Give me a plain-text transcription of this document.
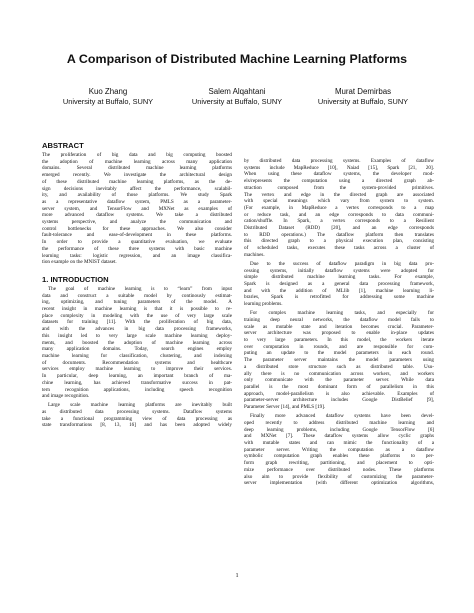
A Comparison of Distributed Machine Learning Platforms
Kuo Zhang
University at Buffalo, SUNY
Salem Alqahtani
University at Buffalo, SUNY
Murat Demirbas
University at Buffalo, SUNY
ABSTRACT
The proliferation of big data and big computing boosted
the adoption of machine learning across many application
domains. Several distributed machine learning platforms
emerged recently. We investigate the architectural design
of these distributed machine learning platforms, as the de-
sign decisions inevitably affect the performance, scalabil-
ity, and availability of those platforms. We study Spark
as a representative dataflow system, PMLS as a parameter-
server system, and TensorFlow and MXNet as examples of
more advanced dataflow systems. We take a distributed
systems perspective, and analyze the communication and
control bottlenecks for these approaches. We also consider
fault-tolerance and ease-of-development in these platforms.
In order to provide a quantitative evaluation, we evaluate
the performance of these three systems with basic machine
learning tasks: logistic regression, and an image classifica-
tion example on the MNIST dataset.
1. INTRODUCTION
The goal of machine learning is to “learn” from input
data and construct a suitable model by continously estimat-
ing, optimizing, and tuning parameters of the model. A
recent insight in machine learning is that it is possible to re-
place complexity in modeling with the use of very large scale
datasets for training [11]. With the proliferation of big data,
and with the advances in big data processing frameworks,
this insight led to very large scale machine learning deploy-
ments, and boosted the adoption of machine learning across
many application domains. Today, search engines employ
machine learning for classification, clustering, and indexing
of documents. Recommendation systems and healthcare
services employ machine learning to improve their services.
In particular, deep learning, an important branch of ma-
chine learning, has achieved transformative success in pat-
tern recognition applications, including speech recognition
and image recognition.
Large scale machine learning platforms are inevitably built
as distributed data processing systems. Dataflow systems
take a functional programming view of data processing as
state transformations [8, 13, 16] and has been adopted widely
by distributed data processing systems. Examples of dataflow
systems include MapReduce [10], Naiad [15], Spark [21, 20].
When using these dataflow systems, the developer mod-
els/represents the computation using a directed graph ab-
straction composed from the system-provided primitives.
The vertex and edge in the directed graph are associated
with special meanings which vary from system to system.
(For example, in MapReduce a vertex corresponds to a map
or reduce task, and an edge corresponds to data communi-
cation/shuffle. In Spark, a vertex corresponds to a Resilient
Distributed Dataset (RDD) [20], and an edge corresponds
to RDD operations.) The dataflow platform then translates
this directed graph to a physical execution plan, consisting
of scheduled tasks, executes these tasks across a cluster of
machines.
Due to the success of dataflow paradigm in big data pro-
cessing systems, initially dataflow systems were adopted for
simple distributed machine learning tasks. For example,
Spark is designed as a general data processing framework,
and with the addition of MLlib [1], machine learning li-
braries, Spark is retrofitted for addressing some machine
learning problems.
For complex machine learning tasks, and especially for
training deep neural networks, the dataflow model fails to
scale as mutable state and iteration becomes crucial. Parameter-
server architecture was proposed to enable in-place updates
to very large parameters. In this model, the workers iterate
over computation in rounds, and are responsible for com-
puting an update to the model parameters in each round.
The parameter server maintains the model parameters using
a distributed store structure such as distributed table. Usu-
ally there is no communication across workers, and workers
only communicate with the parameter server. While data
parallel is the most dominant form of parallelism in this
approach, model-parallelism is also achievable. Examples of
parameter-server architecture includes Google DistBelief [9],
Parameter Server [14], and PMLS [19].
Finally more advanced dataflow systems have been devel-
oped recently to address distributed machine learning and
deep learning problems, including Google TensorFlow [6]
and MXNet [7]. These dataflow systems allow cyclic graphs
with mutable states and can mimic the functionality of a
parameter server. Writing the computation as a dataflow
symbolic computation graph enables these platforms to per-
form graph rewriting, partitioning, and placement to opti-
mize performance over distributed nodes. These platforms
also aim to provide flexibility of customizing the parameter-
server implementation (with different optimization algorithms,
1
